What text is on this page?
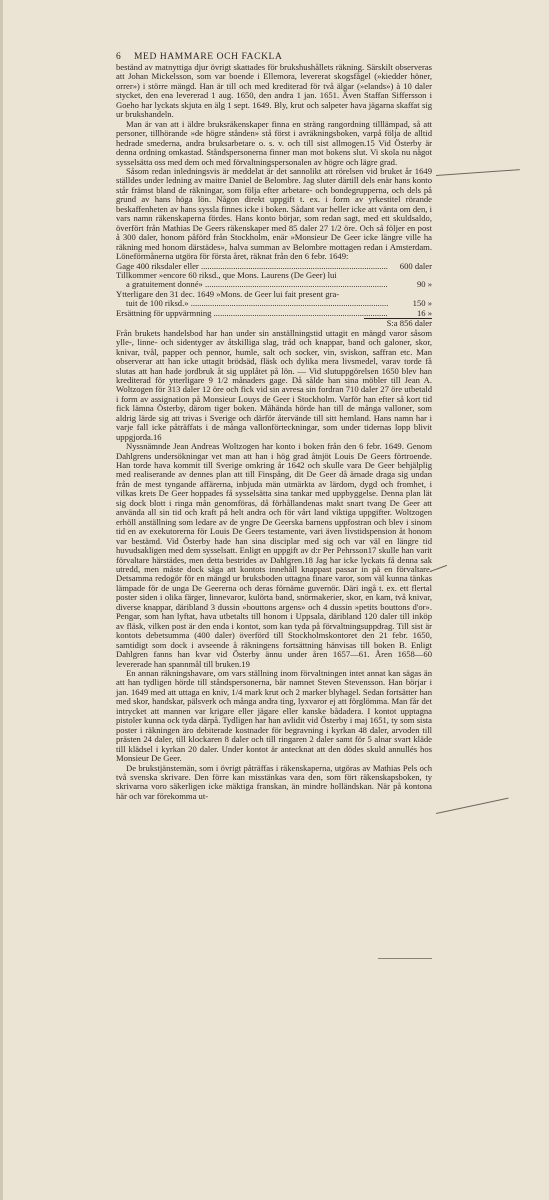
6 MED HAMMARE OCH FACKLA

beständ av matnyttiga djur övrigt skattades för brukshushållets räkning. Särskilt observeras att Johan Mickelsson, som var boende i Ellemora, levererat skogsfågel (»kiedder höner, orrer») i större mängd. Han är till och med krediterad för två älgar (»elands») à 10 daler stycket, den ena levererad 1 aug. 1650, den andra 1 jan. 1651. Även Staffan Siffersson i Goeho har lyckats skjuta en älg 1 sept. 1649. Bly, krut och salpeter hava jägarna skaffat sig ur brukshandeln.

Man är van att i äldre bruksräkenskaper finna en sträng rangordning tilllämpad, så att personer, tillhörande »de högre stånden» stå först i avräkningsboken, varpå följa de alltid hedrade smederna, andra bruksarbetare o. s. v. och till sist allmogen.15 Vid Österby är denna ordning omkastad. Ståndspersonerna finner man mot bokens slut. Vi skola nu något sysselsätta oss med dem och med förvaltningspersonalen av högre och lägre grad.

Såsom redan inledningsvis är meddelat är det sannolikt att rörelsen vid bruket år 1649 ställdes under ledning av maitre Daniel de Belombre. Jag sluter därtill dels enär hans konto står främst bland de räkningar, som följa efter arbetare- och bondegrupperna, och dels på grund av hans höga lön. Någon direkt uppgift t. ex. i form av yrkestitel rörande beskaffenheten av hans syssla finnes icke i boken. Sådant var heller icke att vänta om den, i vars namn räkenskaperna fördes. Hans konto börjar, som redan sagt, med ett skuldsaldo, överfört från Mathias De Geers räkenskaper med 85 daler 27 1/2 öre. Och så följer en post å 300 daler, honom påförd från Stockholm, enär »Monsieur De Geer icke längre ville ha räkning med honom därstädes», halva summan av Belombre mottagen redan i Amsterdam. Löneförmånerna utgöra för första året, räknat från den 6 febr. 1649:

Gage 400 riksdaler eller .....	600 daler
Tillkommer »encore 60 riksd., que Mons. Laurens (De Geer) lui
a gratuitement donné» .....	90 »
Ytterligare den 31 dec. 1649 »Mons. de Geer lui fait present gra-
tuit de 100 riksd.» .....	150 »
Ersättning för uppvärmning .....	16 »
S:a 856 daler

Från brukets handelsbod har han under sin anställningstid uttagit en mängd varor såsom ylle-, linne- och sidentyger av åtskilliga slag, tråd och knappar, band och galoner, skor, knivar, tvål, papper och pennor, humle, salt och socker, vin, sviskon, saffran etc. Man observerar att han icke uttagit brödsäd, fläsk och dylika mera livsmedel, varav torde få slutas att han hade jordbruk åt sig upplåtet på lön. — Vid slutuppgörelsen 1650 blev han krediterad för ytterligare 9 1/2 månaders gage. Då sålde han sina möbler till Jean A. Woltzogen för 313 daler 12 öre och fick vid sin avresa sin fordran 710 daler 27 öre utbetald i form av assignation på Monsieur Louys de Geer i Stockholm. Varför han efter så kort tid fick lämna Österby, därom tiger boken. Måhända hörde han till de många valloner, som aldrig lärde sig att trivas i Sverige och därför återvände till sitt hemland. Hans namn har i varje fall icke påträffats i de många vallonförteckningar, som under tidernas lopp blivit uppgjorda.16

Nyssnämnde Jean Andreas Woltzogen har konto i boken från den 6 febr. 1649. Genom Dahlgrens undersökningar vet man att han i hög grad åtnjöt Louis De Geers förtroende. Han torde hava kommit till Sverige omkring år 1642 och skulle vara De Geer behjälplig med realiserande av dennes plan att till Finspång, dit De Geer då ärnade draga sig undan från de mest tyngande affärerna, inbjuda män utmärkta av lärdom, dygd och fromhet, i vilkas krets De Geer hoppades få sysselsätta sina tankar med uppbyggelse. Denna plan lät sig dock blott i ringa mån genomföras, då förhållandenas makt snart tvang De Geer att använda all sin tid och kraft på helt andra och för vårt land viktiga uppgifter. Woltzogen erhöll anställning som ledare av de yngre De Geerska barnens uppfostran och blev i sinom tid en av exekutorerna för Louis De Geers testamente, vari även livstidspension åt honom var bestämd. Vid Österby hade han sina disciplar med sig och var väl en längre tid huvudsakligen med dem sysselsatt. Enligt en uppgift av d:r Per Pehrsson17 skulle han varit förvaltare härstädes, men detta bestrides av Dahlgren.18 Jag har icke lyckats få denna sak utredd, men måste dock säga att kontots innehåll knappast passar in på en förvaltare. Detsamma redogör för en mängd ur bruksboden uttagna finare varor, som väl kunna tänkas lämpade för de unga De Geererna och deras förnäme guvernör. Däri ingå t. ex. ett flertal poster siden i olika färger, linnevaror, kulörta band, snörmakerier, skor, en kam, två knivar, diverse knappar, däribland 3 dussin »bouttons argens» och 4 dussin »petits bouttons d'or». Pengar, som han lyftat, hava utbetalts till honom i Uppsala, däribland 120 daler till inköp av fläsk, vilken post är den enda i kontot, som kan tyda på förvaltningsuppdrag. Till sist är kontots debetsumma (400 daler) överförd till Stockholmskontoret den 21 febr. 1650, samtidigt som dock i avseende å räkningens fortsättning hänvisas till boken B. Enligt Dahlgren fanns han kvar vid Österby ännu under åren 1657—61. Åren 1658—60 levererade han spannmål till bruken.19

En annan räkningshavare, om vars ställning inom förvaltningen intet annat kan sägas än att han tydligen hörde till ståndspersonerna, bär namnet Steven Stevensson. Han börjar i jan. 1649 med att uttaga en kniv, 1/4 mark krut och 2 marker blyhagel. Sedan fortsätter han med skor, handskar, pälsverk och många andra ting, lyxvaror ej att förglömma. Man får det intrycket att mannen var krigare eller jägare eller kanske bådadera. I kontot upptagna pistoler kunna ock tyda därpå. Tydligen har han avlidit vid Österby i maj 1651, ty som sista poster i räkningen äro debiterade kostnader för begravning i kyrkan 48 daler, arvoden till prästen 24 daler, till klockaren 8 daler och till ringaren 2 daler samt för 5 alnar svart kläde till klädsel i kyrkan 20 daler. Under kontot är antecknat att den dödes skuld annullés hos Monsieur De Geer.

De brukstjänstemän, som i övrigt påträffas i räkenskaperna, utgöras av Mathias Pels och två svenska skrivare. Den förre kan misstänkas vara den, som fört räkenskapsboken, ty skrivarna voro säkerligen icke mäktiga franskan, än mindre holländskan. När på kontona här och var förekomma ut-
